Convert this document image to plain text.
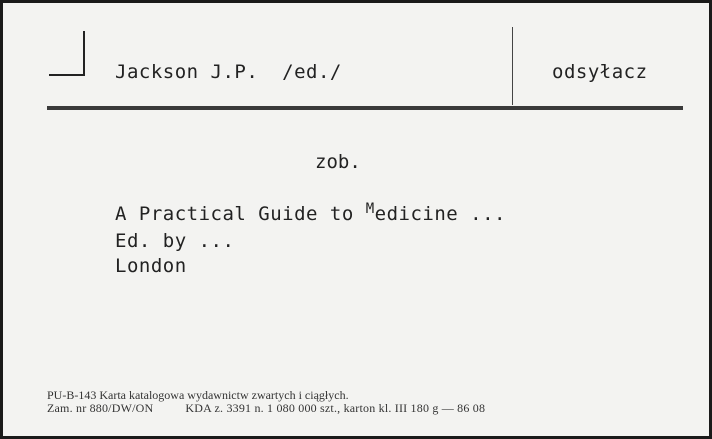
Jackson J.P.  /ed./	odsyłacz
zob.
A Practical Guide to $^M$edicine ...
Ed. by ...
London
PU-B-143 Karta katalogowa wydawnictw zwartych i ciągłych.
Zam. nr 880/DW/ON          KDA z. 3391 n. 1 080 000 szt., karton kl. III 180 g — 86 08
